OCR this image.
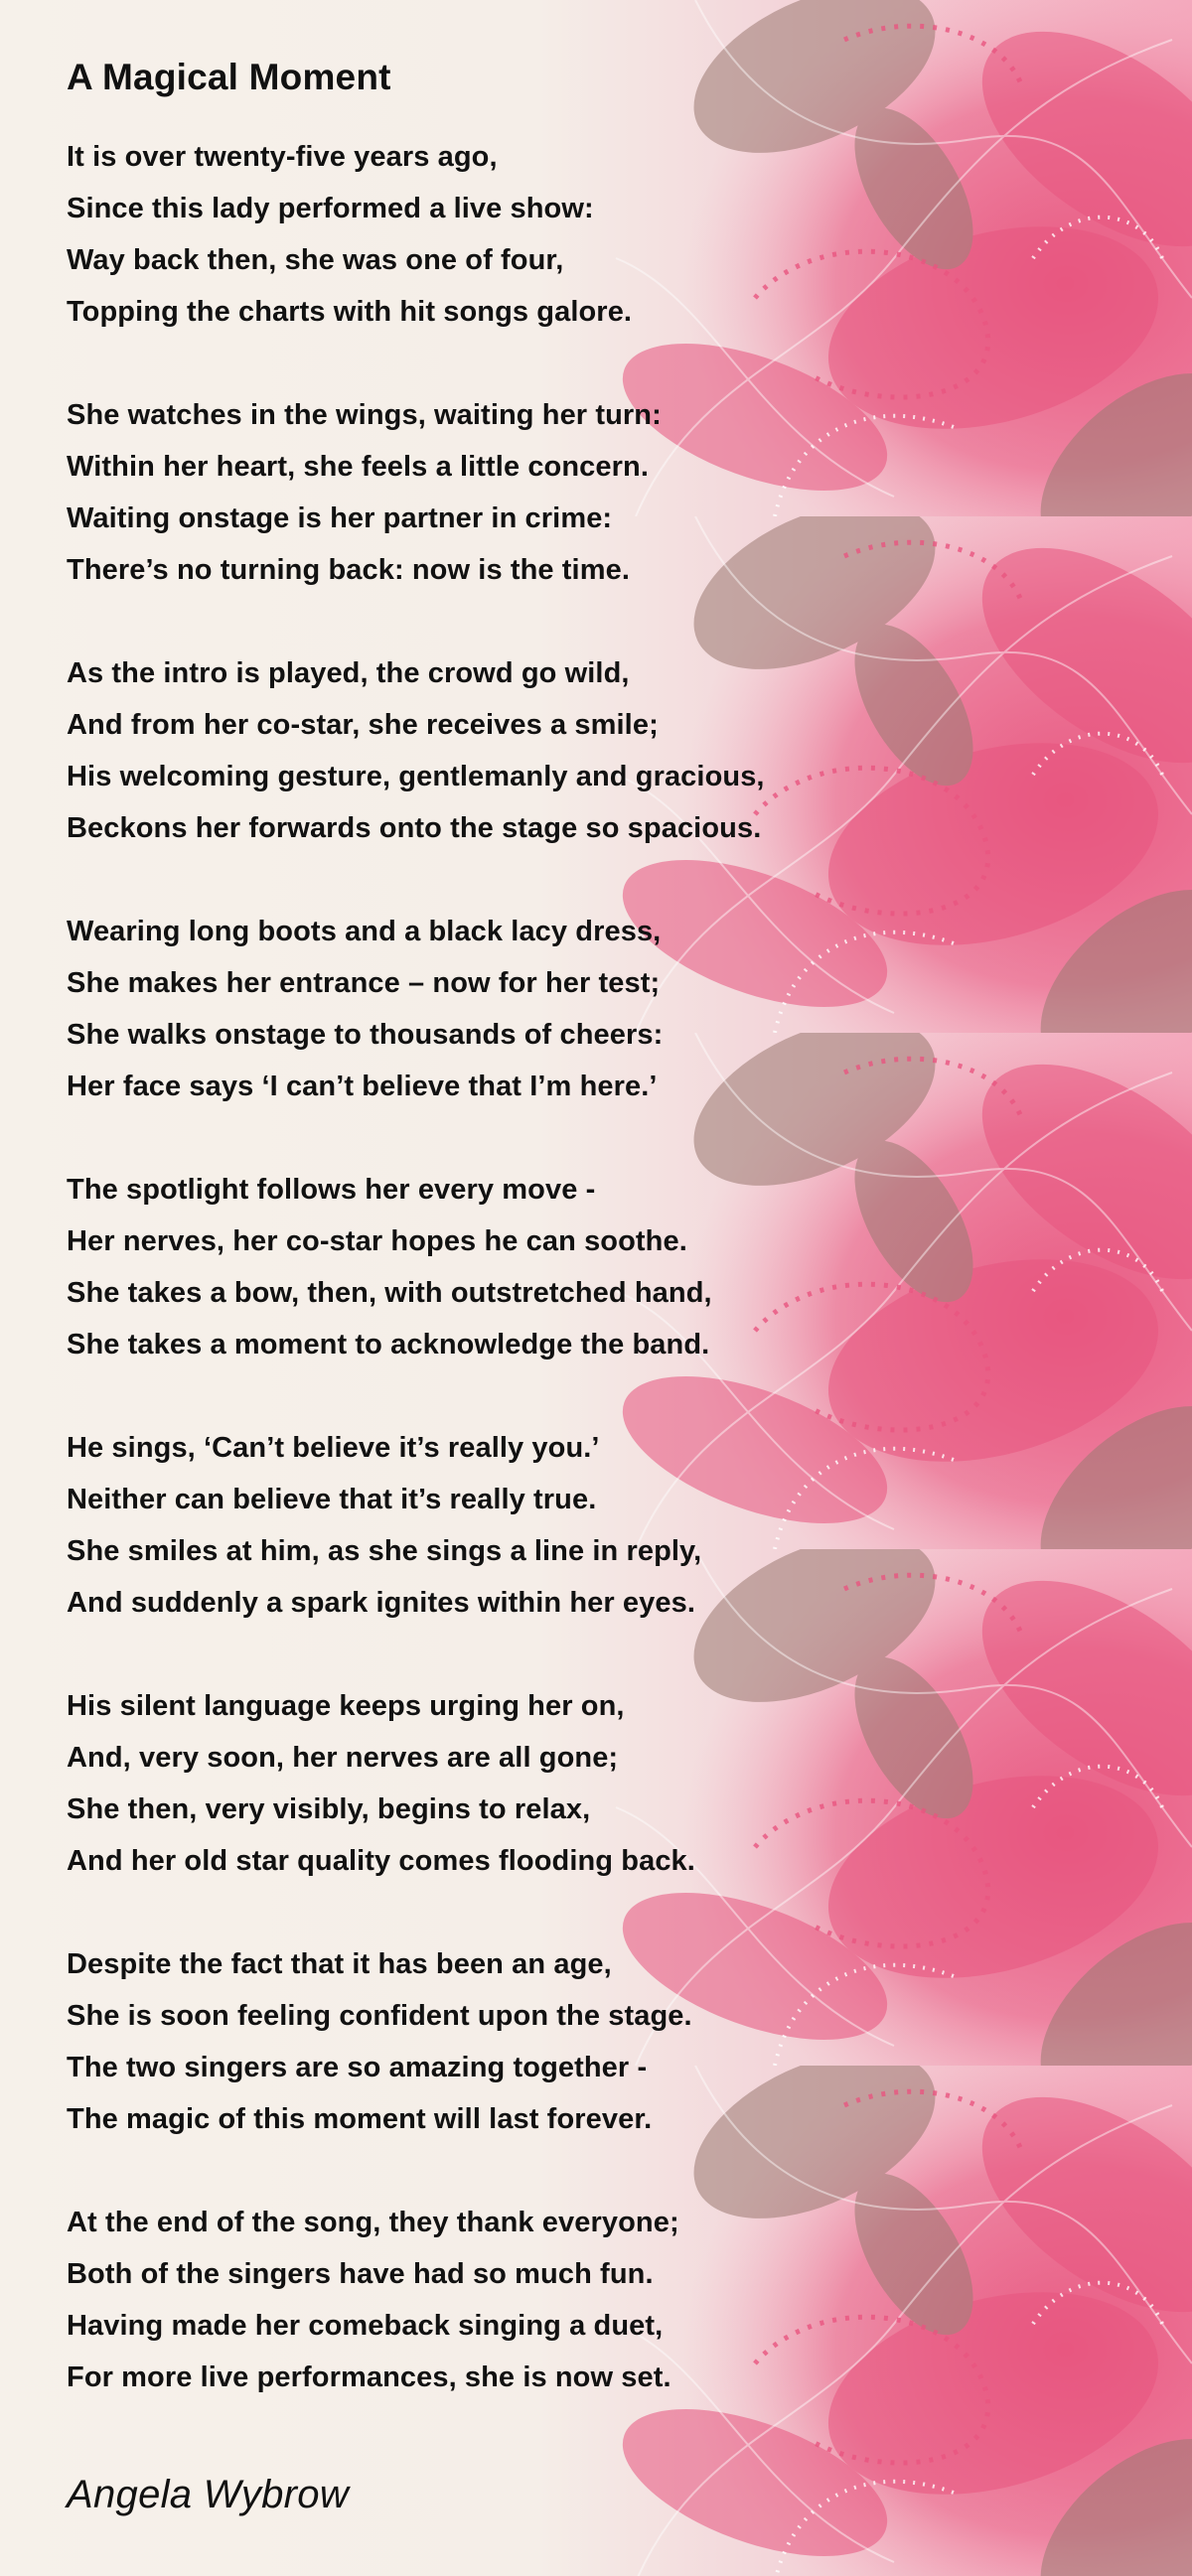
A Magical Moment
It is over twenty-five years ago,
Since this lady performed a live show:
Way back then, she was one of four,
Topping the charts with hit songs galore.
She watches in the wings, waiting her turn:
Within her heart, she feels a little concern.
Waiting onstage is her partner in crime:
There’s no turning back: now is the time.
As the intro is played, the crowd go wild,
And from her co-star, she receives a smile;
His welcoming gesture, gentlemanly and gracious,
Beckons her forwards onto the stage so spacious.
Wearing long boots and a black lacy dress,
She makes her entrance – now for her test;
She walks onstage to thousands of cheers:
Her face says ‘I can’t believe that I’m here.’
The spotlight follows her every move -
Her nerves, her co-star hopes he can soothe.
She takes a bow, then, with outstretched hand,
She takes a moment to acknowledge the band.
He sings, ‘Can’t believe it’s really you.’
Neither can believe that it’s really true.
She smiles at him, as she sings a line in reply,
And suddenly a spark ignites within her eyes.
His silent language keeps urging her on,
And, very soon, her nerves are all gone;
She then, very visibly, begins to relax,
And her old star quality comes flooding back.
Despite the fact that it has been an age,
She is soon feeling confident upon the stage.
The two singers are so amazing together -
The magic of this moment will last forever.
At the end of the song, they thank everyone;
Both of the singers have had so much fun.
Having made her comeback singing a duet,
For more live performances, she is now set.
Angela Wybrow
